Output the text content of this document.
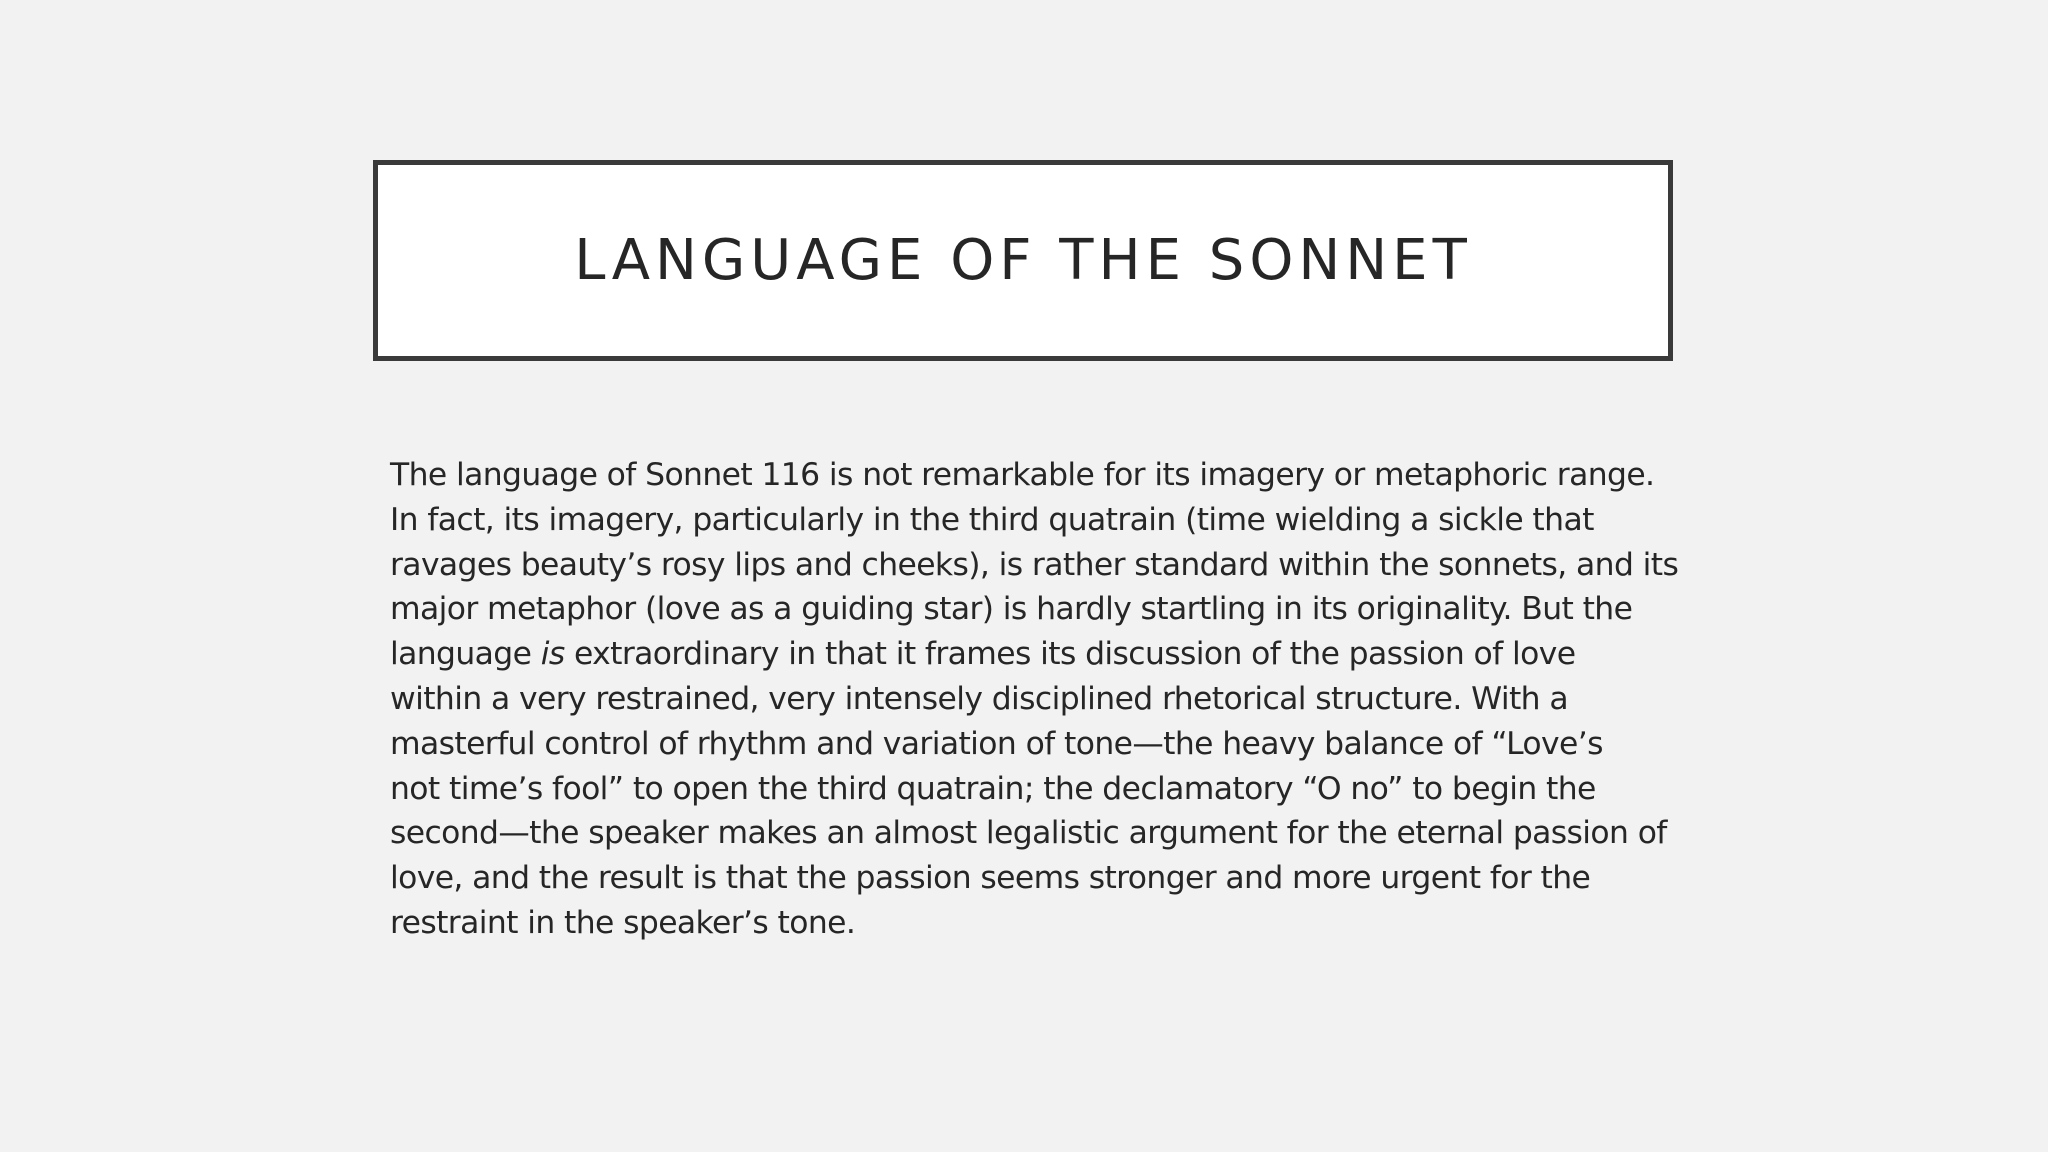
LANGUAGE OF THE SONNET
The language of Sonnet 116 is not remarkable for its imagery or metaphoric range.
In fact, its imagery, particularly in the third quatrain (time wielding a sickle that
ravages beauty’s rosy lips and cheeks), is rather standard within the sonnets, and its
major metaphor (love as a guiding star) is hardly startling in its originality. But the
language is extraordinary in that it frames its discussion of the passion of love
within a very restrained, very intensely disciplined rhetorical structure. With a
masterful control of rhythm and variation of tone—the heavy balance of “Love’s
not time’s fool” to open the third quatrain; the declamatory “O no” to begin the
second—the speaker makes an almost legalistic argument for the eternal passion of
love, and the result is that the passion seems stronger and more urgent for the
restraint in the speaker’s tone.
